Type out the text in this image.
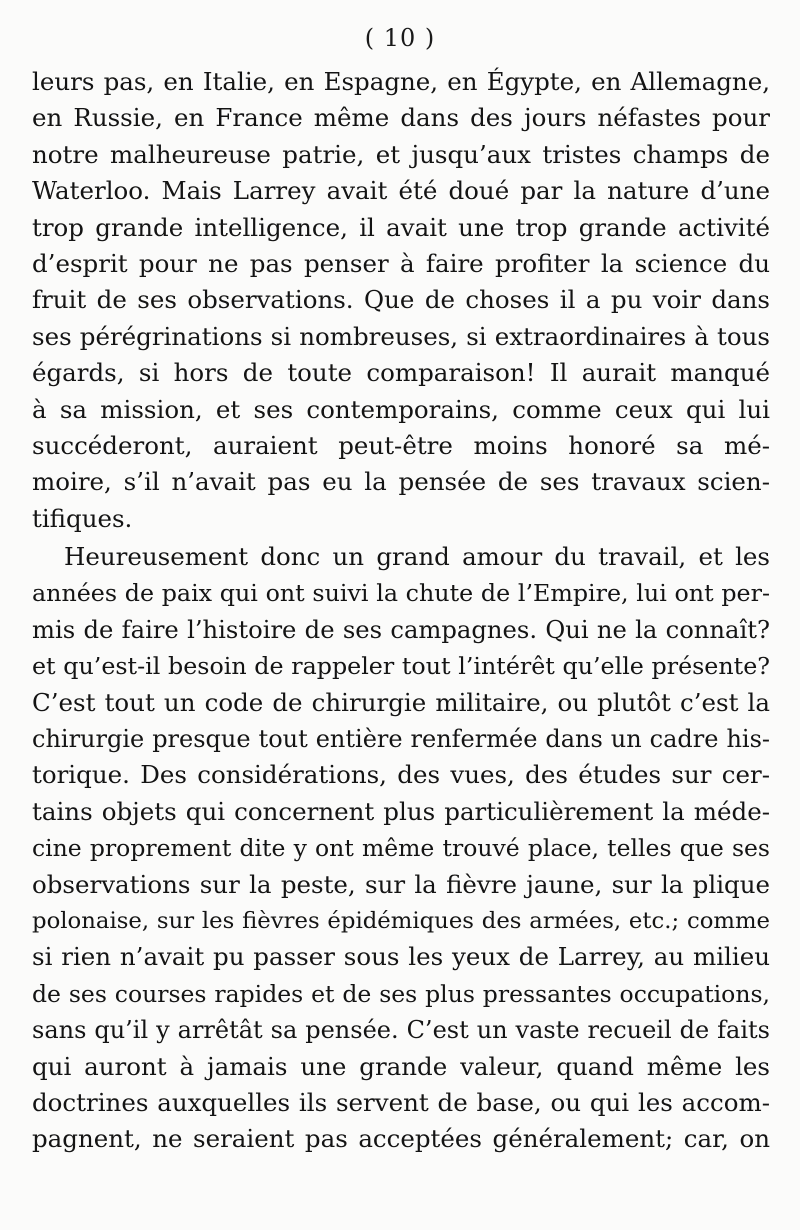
( 10 )
leurs pas, en Italie, en Espagne, en Égypte, en Allemagne,
en Russie, en France même dans des jours néfastes pour
notre malheureuse patrie, et jusqu’aux tristes champs de
Waterloo. Mais Larrey avait été doué par la nature d’une
trop grande intelligence, il avait une trop grande activité
d’esprit pour ne pas penser à faire profiter la science du
fruit de ses observations. Que de choses il a pu voir dans
ses pérégrinations si nombreuses, si extraordinaires à tous
égards, si hors de toute comparaison! Il aurait manqué
à sa mission, et ses contemporains, comme ceux qui lui
succéderont, auraient peut-être moins honoré sa mé-
moire, s’il n’avait pas eu la pensée de ses travaux scien-
tifiques.
Heureusement donc un grand amour du travail, et les
années de paix qui ont suivi la chute de l’Empire, lui ont per-
mis de faire l’histoire de ses campagnes. Qui ne la connaît?
et qu’est-il besoin de rappeler tout l’intérêt qu’elle présente?
C’est tout un code de chirurgie militaire, ou plutôt c’est la
chirurgie presque tout entière renfermée dans un cadre his-
torique. Des considérations, des vues, des études sur cer-
tains objets qui concernent plus particulièrement la méde-
cine proprement dite y ont même trouvé place, telles que ses
observations sur la peste, sur la fièvre jaune, sur la plique
polonaise, sur les fièvres épidémiques des armées, etc.; comme
si rien n’avait pu passer sous les yeux de Larrey, au milieu
de ses courses rapides et de ses plus pressantes occupations,
sans qu’il y arrêtât sa pensée. C’est un vaste recueil de faits
qui auront à jamais une grande valeur, quand même les
doctrines auxquelles ils servent de base, ou qui les accom-
pagnent, ne seraient pas acceptées généralement; car, on
